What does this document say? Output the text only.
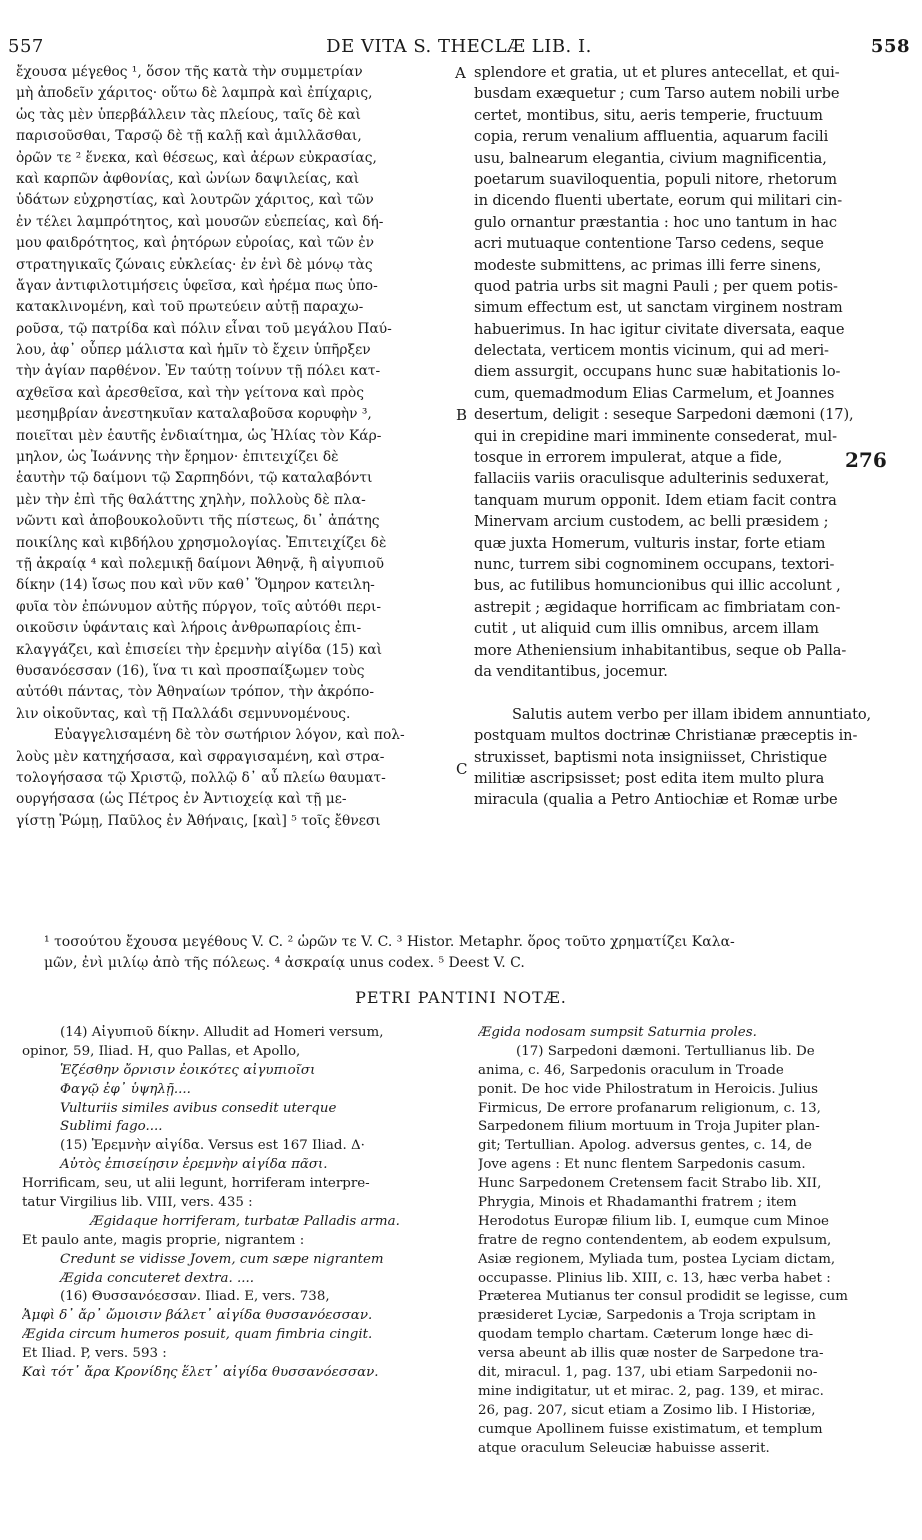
557	DE VITA S. THECLÆ LIB. I.	558
ἔχουσα μέγεθος ¹, ὅσον τῆς κατὰ τὴν συμμετρίαν
μὴ ἀποδεῖν χάριτος· οὕτω δὲ λαμπρὰ καὶ ἐπίχαρις,
ὡς τὰς μὲν ὑπερβάλλειν τὰς πλείους, ταῖς δὲ καὶ
παρισοῦσθαι, Ταρσῷ δὲ τῇ καλῇ καὶ ἁμιλλᾶσθαι,
ὀρῶν τε ² ἕνεκα, καὶ θέσεως, καὶ ἀέρων εὐκρασίας,
καὶ καρπῶν ἀφθονίας, καὶ ὠνίων δαψιλείας, καὶ
ὑδάτων εὐχρηστίας, καὶ λουτρῶν χάριτος, καὶ τῶν
ἐν τέλει λαμπρότητος, καὶ μουσῶν εὐεπείας, καὶ δή-
μου φαιδρότητος, καὶ ῥητόρων εὐροίας, καὶ τῶν ἐν
στρατηγικαῖς ζώναις εὐκλείας· ἐν ἑνὶ δὲ μόνῳ τὰς
ἄγαν ἀντιφιλοτιμήσεις ὑφεῖσα, καὶ ἠρέμα πως ὑπο-
κατακλινομένη, καὶ τοῦ πρωτεύειν αὐτῇ παραχω-
ροῦσα, τῷ πατρίδα καὶ πόλιν εἶναι τοῦ μεγάλου Παύ-
λου, ἀφ᾽ οὗπερ μάλιστα καὶ ἡμῖν τὸ ἔχειν ὑπῆρξεν
τὴν ἁγίαν παρθένον. Ἐν ταύτῃ τοίνυν τῇ πόλει κατ-
αχθεῖσα καὶ ἀρεσθεῖσα, καὶ τὴν γείτονα καὶ πρὸς
μεσημβρίαν ἀνεστηκυῖαν καταλαβοῦσα κορυφὴν ³,
ποιεῖται μὲν ἑαυτῆς ἐνδιαίτημα, ὡς Ἠλίας τὸν Κάρ-
μηλον, ὡς Ἰωάννης τὴν ἔρημον· ἐπιτειχίζει δὲ
ἑαυτὴν τῷ δαίμονι τῷ Σαρπηδόνι, τῷ καταλαβόντι
μὲν τὴν ἐπὶ τῆς θαλάττης χηλὴν, πολλοὺς δὲ πλα-
νῶντι καὶ ἀποβουκολοῦντι τῆς πίστεως, δι᾽ ἀπάτης
ποικίλης καὶ κιβδήλου χρησμολογίας. Ἐπιτειχίζει δὲ
τῇ ἀκραίᾳ ⁴ καὶ πολεμικῇ δαίμονι Ἀθηνᾷ, ἣ αἰγυπιοῦ
δίκην (14) ἴσως που καὶ νῦν καθ᾽ Ὅμηρον κατειλη-
φυῖα τὸν ἐπώνυμον αὐτῆς πύργον, τοῖς αὐτόθι περι-
οικοῦσιν ὑφάνταις καὶ λήροις ἀνθρωπαρίοις ἐπι-
κλαγγάζει, καὶ ἐπισείει τὴν ἐρεμνὴν αἰγίδα (15) καὶ
θυσανόεσσαν (16), ἵνα τι καὶ προσπαίξωμεν τοὺς
αὐτόθι πάντας, τὸν Ἀθηναίων τρόπον, τὴν ἀκρόπο-
λιν οἰκοῦντας, καὶ τῇ Παλλάδι σεμνυνομένους.
Εὐαγγελισαμένη δὲ τὸν σωτήριον λόγον, καὶ πολ-
λοὺς μὲν κατηχήσασα, καὶ σφραγισαμένη, καὶ στρα-
τολογήσασα τῷ Χριστῷ, πολλῷ δ᾽ αὖ πλείω θαυματ-
ουργήσασα (ὡς Πέτρος ἐν Ἀντιοχείᾳ καὶ τῇ με-
γίστῃ Ῥώμῃ, Παῦλος ἐν Ἀθήναις, [καὶ] ⁵ τοῖς ἔθνεσι
splendore et gratia, ut et plures antecellat, et qui-
busdam exæquetur ; cum Tarso autem nobili urbe
certet, montibus, situ, aeris temperie, fructuum
copia, rerum venalium affluentia, aquarum facili
usu, balnearum elegantia, civium magnificentia,
poetarum suaviloquentia, populi nitore, rhetorum
in dicendo fluenti ubertate, eorum qui militari cin-
gulo ornantur præstantia : hoc uno tantum in hac
acri mutuaque contentione Tarso cedens, seque
modeste submittens, ac primas illi ferre sinens,
quod patria urbs sit magni Pauli ; per quem potis-
simum effectum est, ut sanctam virginem nostram
habuerimus. In hac igitur civitate diversata, eaque
delectata, verticem montis vicinum, qui ad meri-
diem assurgit, occupans hunc suæ habitationis lo-
cum, quemadmodum Elias Carmelum, et Joannes
desertum, deligit : seseque Sarpedoni dæmoni (17),
qui in crepidine mari imminente consederat, mul-
tosque in errorem impulerat, atque a fide,
fallaciis variis oraculisque adulterinis seduxerat,
tanquam murum opponit. Idem etiam facit contra
Minervam arcium custodem, ac belli præsidem ;
quæ juxta Homerum, vulturis instar, forte etiam
nunc, turrem sibi cognominem occupans, textori-
bus, ac futilibus homuncionibus qui illic accolunt ,
astrepit ; ægidaque horrificam ac fimbriatam con-
cutit , ut aliquid cum illis omnibus, arcem illam
more Atheniensium inhabitantibus, seque ob Palla-
da venditantibus, jocemur.
Salutis autem verbo per illam ibidem annuntiato,
postquam multos doctrinæ Christianæ præceptis in-
struxisset, baptismi nota insigniisset, Christique
militiæ ascripsisset; post edita item multo plura
miracula (qualia a Petro Antiochiæ et Romæ urbe
A
B
C
276
¹ τοσούτου ἔχουσα μεγέθους V. C. ² ὡρῶν τε V. C. ³ Histor. Metaphr. ὅρος τοῦτο χρηματίζει Καλα-
μῶν, ἐνὶ μιλίῳ ἀπὸ τῆς πόλεως. ⁴ ἀσκραίᾳ unus codex. ⁵ Deest V. C.
PETRI PANTINI NOTÆ.
(14) Αἰγυπιοῦ δίκην. Alludit ad Homeri versum,
opinor, 59, Iliad. H, quo Pallas, et Apollo,
Ἑζέσθην ὄρνισιν ἐοικότες αἰγυπιοῖσι
Φαγῷ ἐφ᾽ ὑψηλῇ....
Vulturiis similes avibus consedit uterque
Sublimi fago....
(15) Ἐρεμνὴν αἰγίδα. Versus est 167 Iliad. Δ·
Αὐτὸς ἐπισείῃσιν ἐρεμνὴν αἰγίδα πᾶσι.
Horrificam, seu, ut alii legunt, horriferam interpre-
tatur Virgilius lib. VIII, vers. 435 :
Ægidaque horriferam, turbatæ Palladis arma.
Et paulo ante, magis proprie, nigrantem :
Credunt se vidisse Jovem, cum sæpe nigrantem
Ægida concuteret dextra. ....
(16) Θυσσανόεσσαν. Iliad. E, vers. 738,
Ἀμφὶ δ᾽ ἄρ᾽ ὤμοισιν βάλετ᾽ αἰγίδα θυσσανόεσσαν.
Ægida circum humeros posuit, quam fimbria cingit.
Et Iliad. P, vers. 593 :
Καὶ τότ᾽ ἄρα Κρονίδης ἕλετ᾽ αἰγίδα θυσσανόεσσαν.
Ægida nodosam sumpsit Saturnia proles.
(17) Sarpedoni dæmoni. Tertullianus lib. De
anima, c. 46, Sarpedonis oraculum in Troade
ponit. De hoc vide Philostratum in Heroicis. Julius
Firmicus, De errore profanarum religionum, c. 13,
Sarpedonem filium mortuum in Troja Jupiter plan-
git; Tertullian. Apolog. adversus gentes, c. 14, de
Jove agens : Et nunc flentem Sarpedonis casum.
Hunc Sarpedonem Cretensem facit Strabo lib. XII,
Phrygia, Minois et Rhadamanthi fratrem ; item
Herodotus Europæ filium lib. I, eumque cum Minoe
fratre de regno contendentem, ab eodem expulsum,
Asiæ regionem, Myliada tum, postea Lyciam dictam,
occupasse. Plinius lib. XIII, c. 13, hæc verba habet :
Præterea Mutianus ter consul prodidit se legisse, cum
præsideret Lyciæ, Sarpedonis a Troja scriptam in
quodam templo chartam. Cæterum longe hæc di-
versa abeunt ab illis quæ noster de Sarpedone tra-
dit, miracul. 1, pag. 137, ubi etiam Sarpedonii no-
mine indigitatur, ut et mirac. 2, pag. 139, et mirac.
26, pag. 207, sicut etiam a Zosimo lib. I Historiæ,
cumque Apollinem fuisse existimatum, et templum
atque oraculum Seleuciæ habuisse asserit.
